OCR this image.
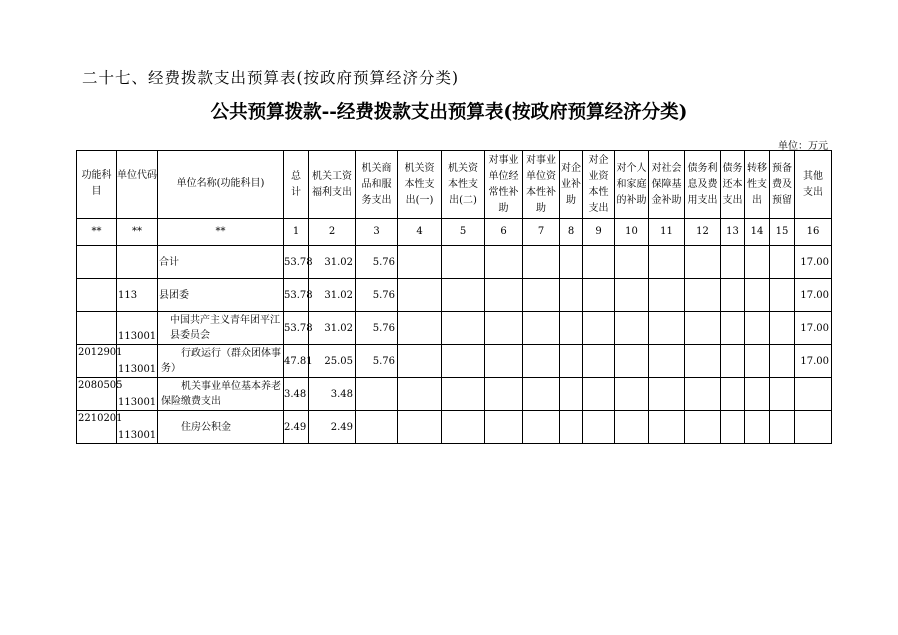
二十七、经费拨款支出预算表(按政府预算经济分类)
公共预算拨款--经费拨款支出预算表(按政府预算经济分类)
单位：万元
功能科目	单位代码	单位名称(功能科目)	总计	机关工资福利支出	机关商品和服务支出	机关资本性支出(一)	机关资本性支出(二)	对事业单位经常性补助	对事业单位资本性补助	对企业补助	对企业资本性支出	对个人和家庭的补助	对社会保障基金补助	债务利息及费用支出	债务还本支出	转移性支出	预备费及预留	其他支出
**	**	**	1	2	3	4	5	6	7	8	9	10	11	12	13	14	15	16
		合计	53.78	31.02	5.76													17.00
	113	县团委	53.78	31.02	5.76													17.00
	113001	中国共产主义青年团平江县委员会	53.78	31.02	5.76													17.00
2012901	113001	行政运行（群众团体事务）	47.81	25.05	5.76													17.00
2080505	113001	机关事业单位基本养老保险缴费支出	3.48	3.48														
2210201	113001	住房公积金	2.49	2.49														
